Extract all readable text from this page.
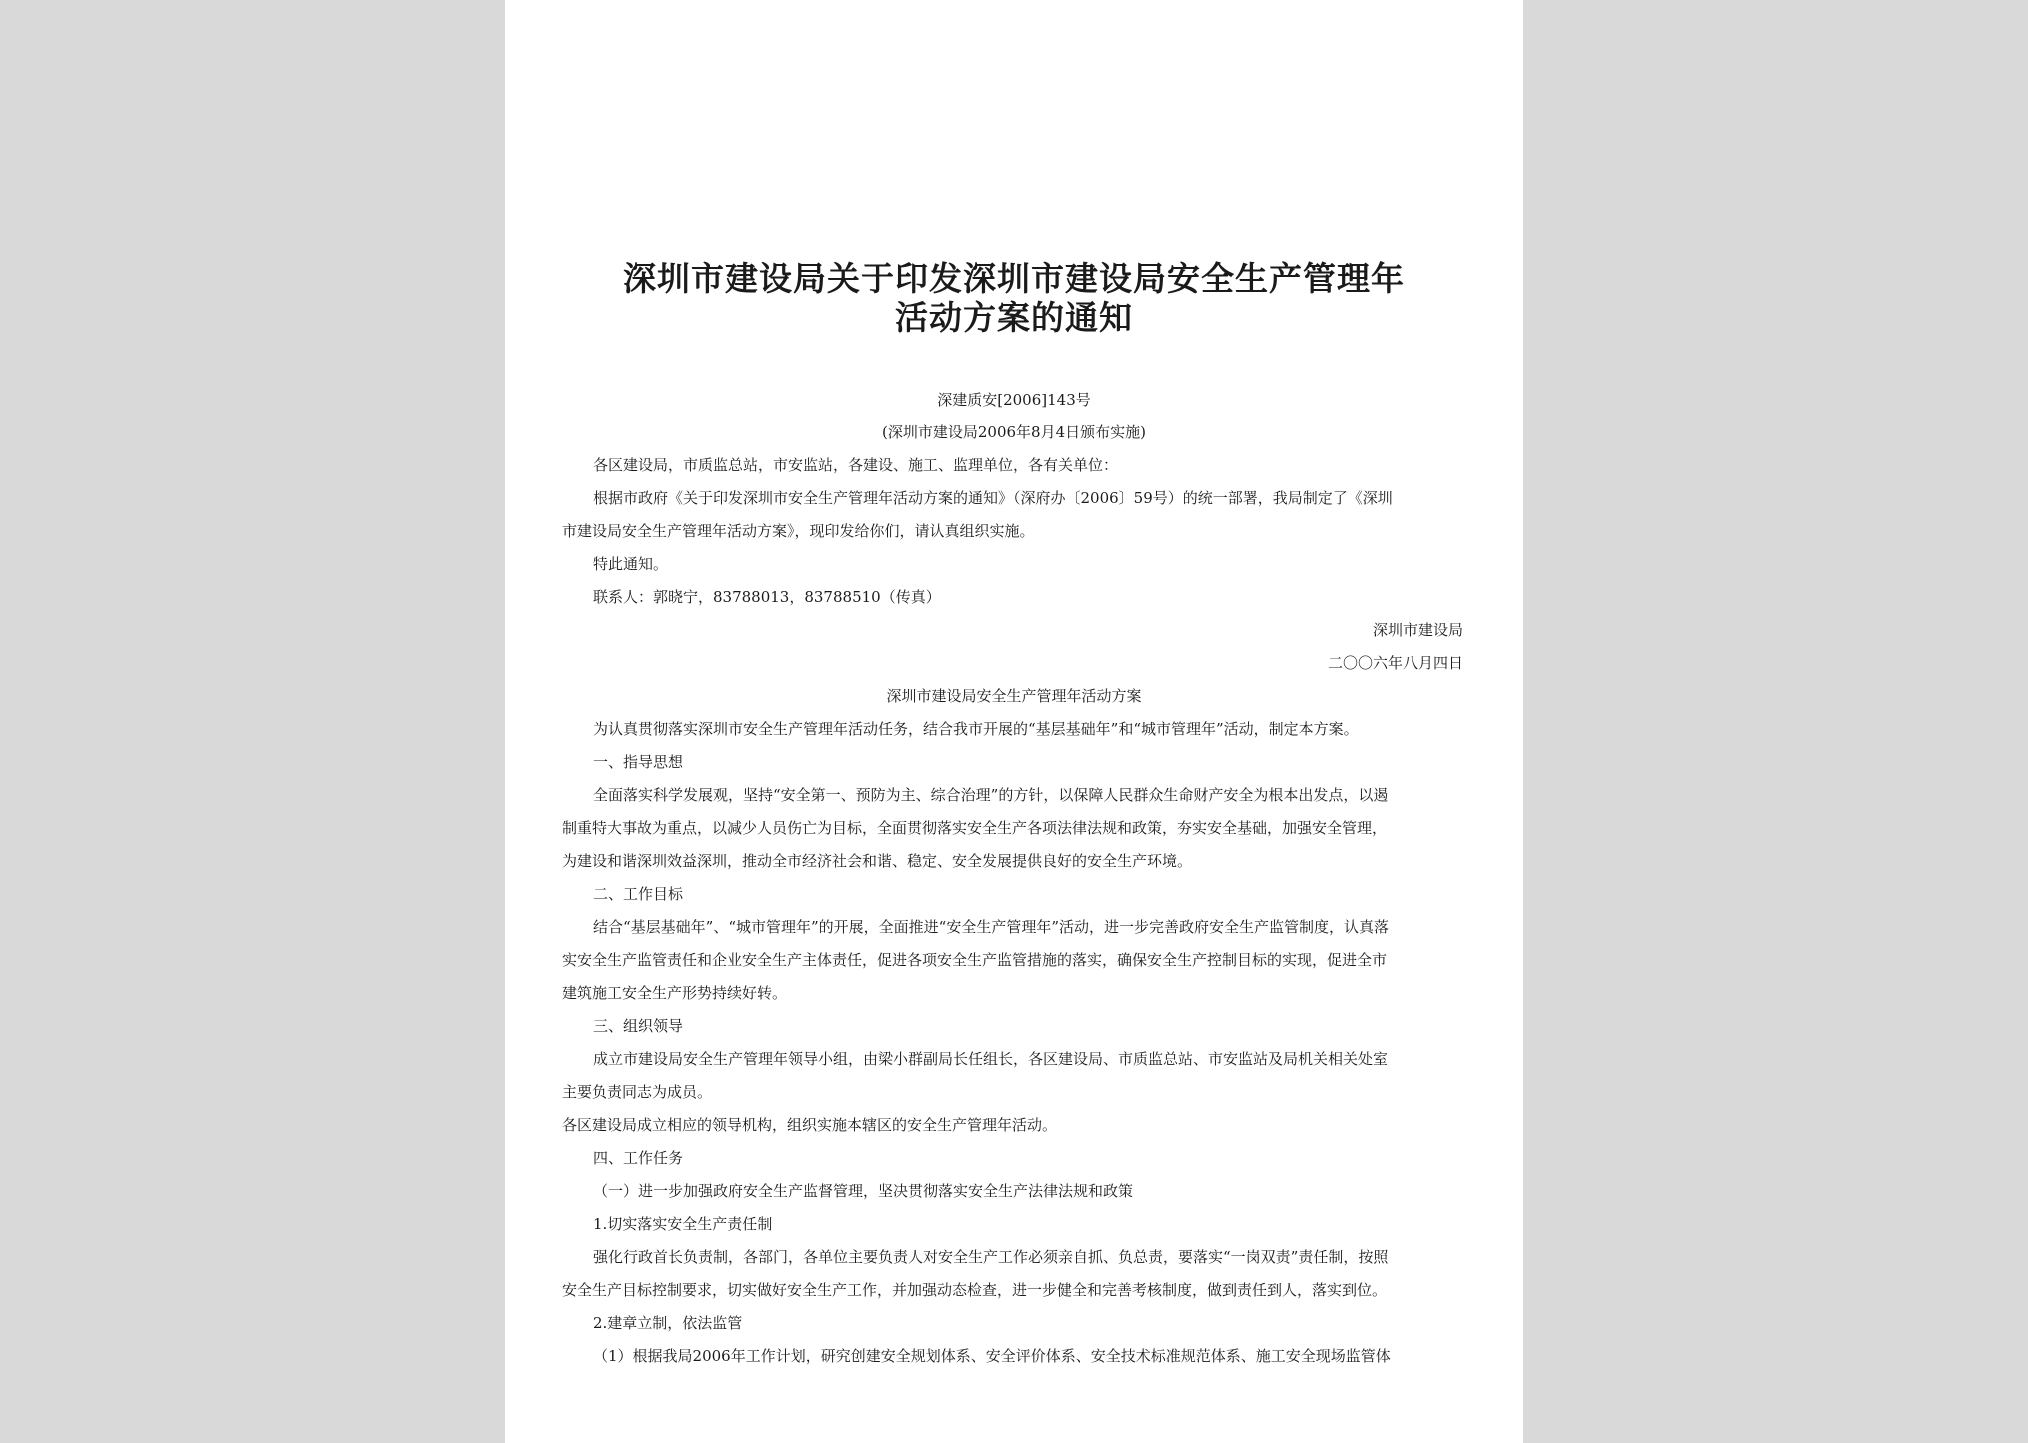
深圳市建设局关于印发深圳市建设局安全生产管理年
活动方案的通知
深建质安[2006]143号
(深圳市建设局2006年8月4日颁布实施)
各区建设局，市质监总站，市安监站，各建设、施工、监理单位，各有关单位：
根据市政府《关于印发深圳市安全生产管理年活动方案的通知》（深府办〔2006〕59号）的统一部署，我局制定了《深圳
市建设局安全生产管理年活动方案》，现印发给你们，请认真组织实施。
特此通知。
联系人：郭晓宁，83788013，83788510（传真）
深圳市建设局
二〇〇六年八月四日
深圳市建设局安全生产管理年活动方案
为认真贯彻落实深圳市安全生产管理年活动任务，结合我市开展的“基层基础年”和“城市管理年”活动，制定本方案。
一、指导思想
全面落实科学发展观，坚持“安全第一、预防为主、综合治理”的方针，以保障人民群众生命财产安全为根本出发点，以遏
制重特大事故为重点，以减少人员伤亡为目标，全面贯彻落实安全生产各项法律法规和政策，夯实安全基础，加强安全管理，
为建设和谐深圳效益深圳，推动全市经济社会和谐、稳定、安全发展提供良好的安全生产环境。
二、工作目标
结合“基层基础年”、“城市管理年”的开展，全面推进“安全生产管理年”活动，进一步完善政府安全生产监管制度，认真落
实安全生产监管责任和企业安全生产主体责任，促进各项安全生产监管措施的落实，确保安全生产控制目标的实现，促进全市
建筑施工安全生产形势持续好转。
三、组织领导
成立市建设局安全生产管理年领导小组，由梁小群副局长任组长，各区建设局、市质监总站、市安监站及局机关相关处室
主要负责同志为成员。
各区建设局成立相应的领导机构，组织实施本辖区的安全生产管理年活动。
四、工作任务
（一）进一步加强政府安全生产监督管理，坚决贯彻落实安全生产法律法规和政策
1.切实落实安全生产责任制
强化行政首长负责制，各部门，各单位主要负责人对安全生产工作必须亲自抓、负总责，要落实“一岗双责”责任制，按照
安全生产目标控制要求，切实做好安全生产工作，并加强动态检查，进一步健全和完善考核制度，做到责任到人，落实到位。
2.建章立制，依法监管
（1）根据我局2006年工作计划，研究创建安全规划体系、安全评价体系、安全技术标准规范体系、施工安全现场监管体
